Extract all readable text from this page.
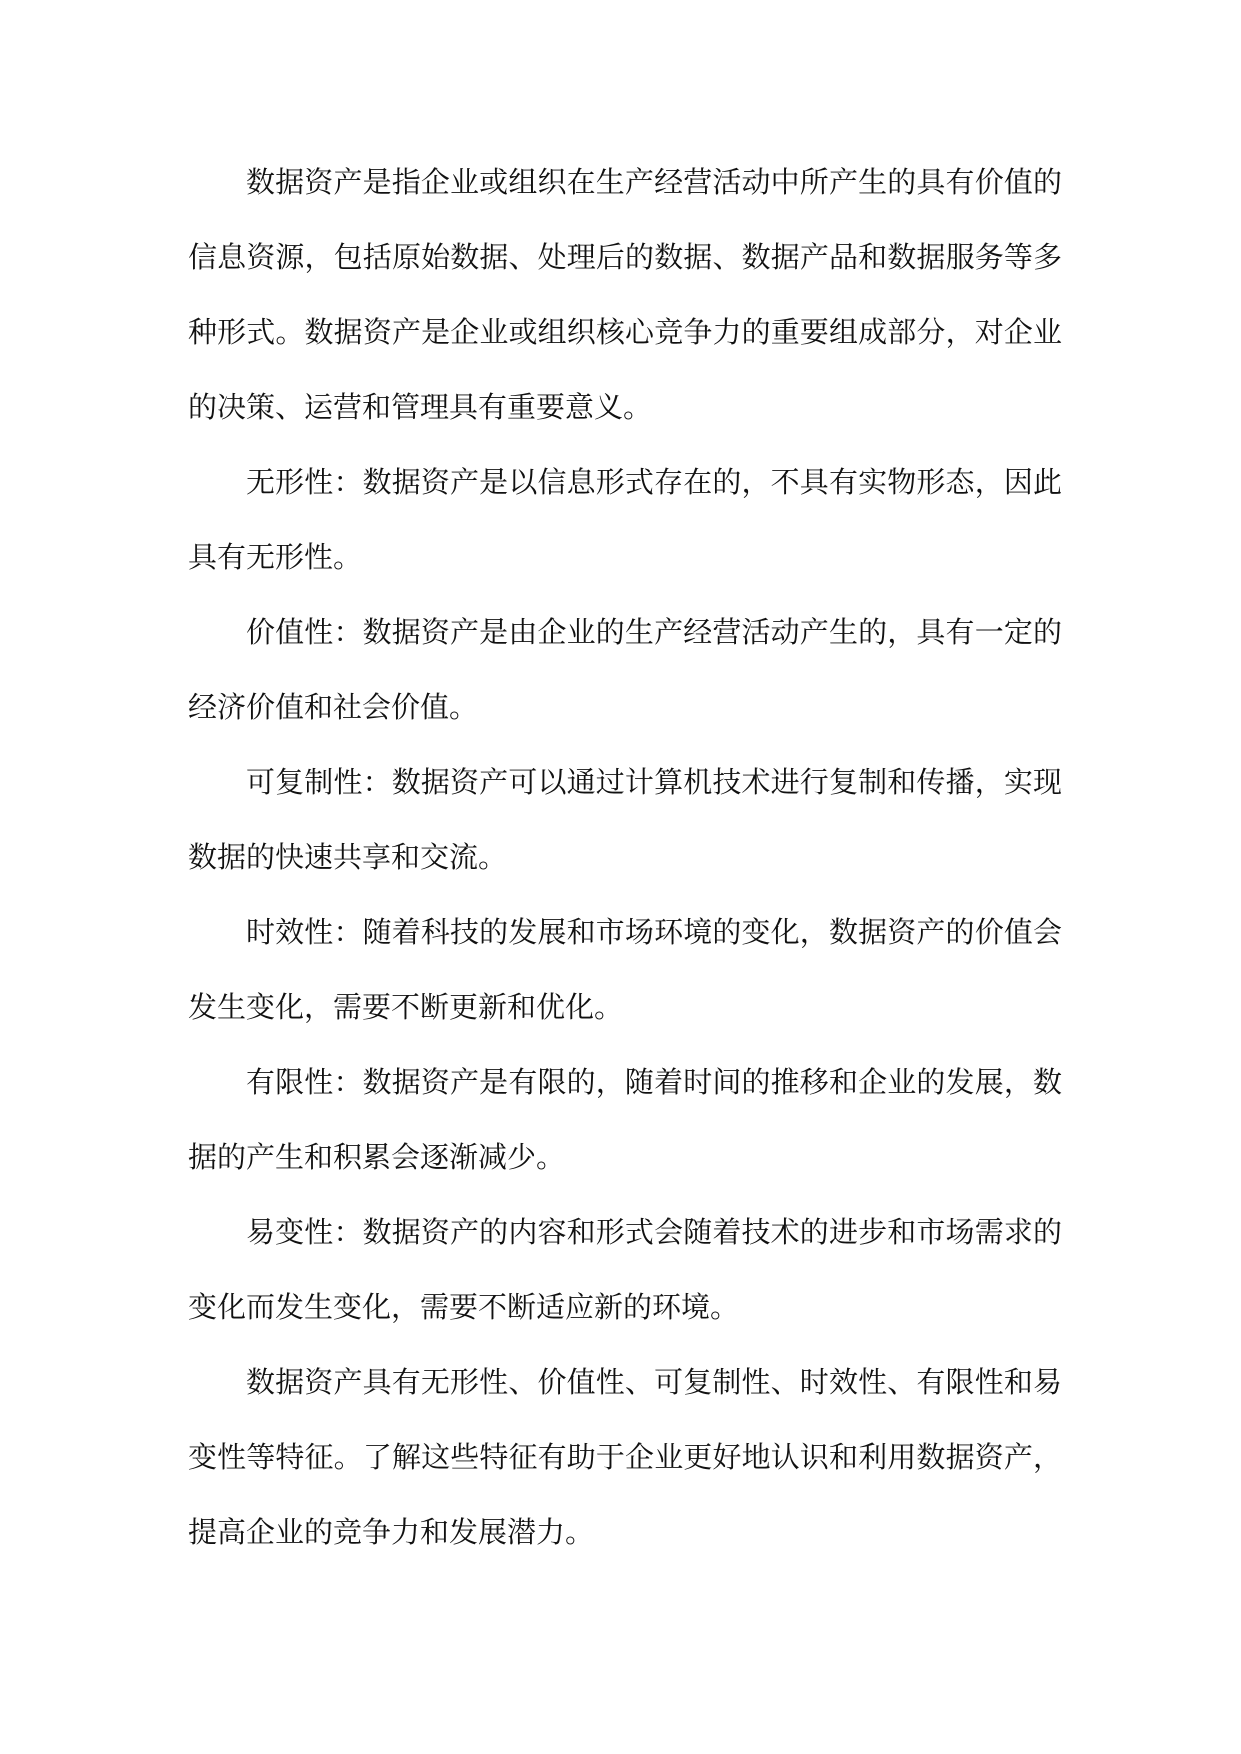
数据资产是指企业或组织在生产经营活动中所产生的具有价值的信息资源，包括原始数据、处理后的数据、数据产品和数据服务等多种形式。数据资产是企业或组织核心竞争力的重要组成部分，对企业的决策、运营和管理具有重要意义。

无形性：数据资产是以信息形式存在的，不具有实物形态，因此具有无形性。

价值性：数据资产是由企业的生产经营活动产生的，具有一定的经济价值和社会价值。

可复制性：数据资产可以通过计算机技术进行复制和传播，实现数据的快速共享和交流。

时效性：随着科技的发展和市场环境的变化，数据资产的价值会发生变化，需要不断更新和优化。

有限性：数据资产是有限的，随着时间的推移和企业的发展，数据的产生和积累会逐渐减少。

易变性：数据资产的内容和形式会随着技术的进步和市场需求的变化而发生变化，需要不断适应新的环境。

数据资产具有无形性、价值性、可复制性、时效性、有限性和易变性等特征。了解这些特征有助于企业更好地认识和利用数据资产，提高企业的竞争力和发展潜力。
